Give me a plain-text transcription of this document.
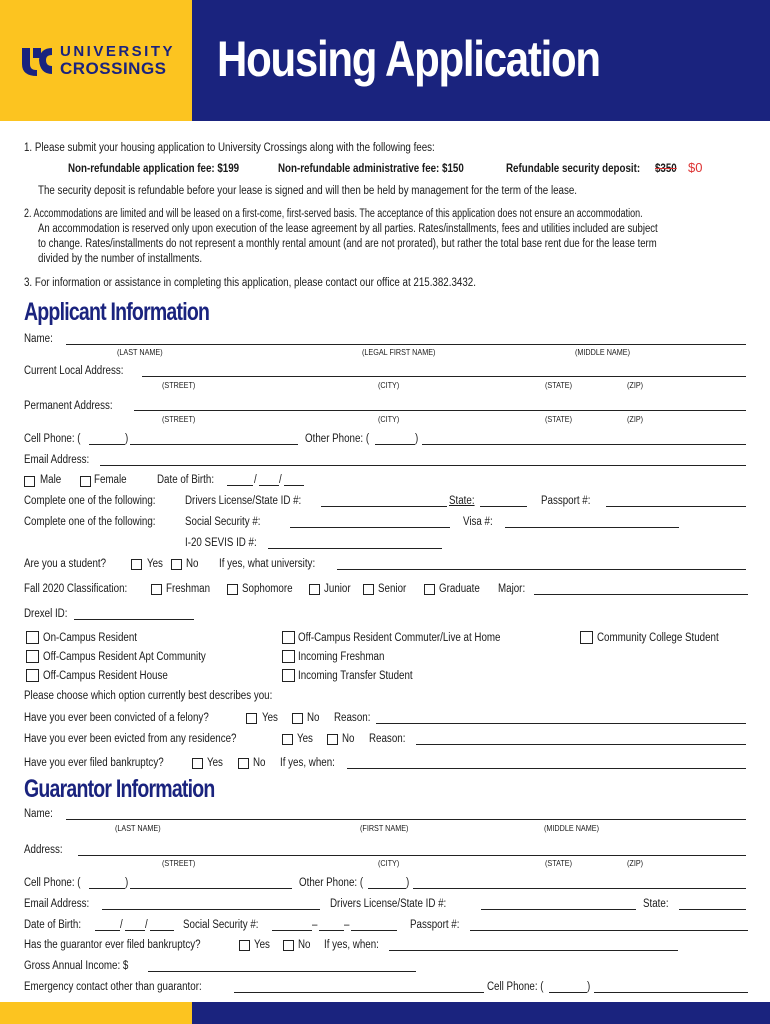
UNIVERSITY
CROSSINGS Housing Application
1. Please submit your housing application to University Crossings along with the following fees:
Non-refundable application fee: $199	Non-refundable administrative fee: $150	Refundable security deposit: $350 $0
The security deposit is refundable before your lease is signed and will then be held by management for the term of the lease.
2. Accommodations are limited and will be leased on a first-come, first-served basis. The acceptance of this application does not ensure an accommodation.
An accommodation is reserved only upon execution of the lease agreement by all parties. Rates/installments, fees and utilities included are subject
to change. Rates/installments do not represent a monthly rental amount (and are not prorated), but rather the total base rent due for the lease term
divided by the number of installments.
3. For information or assistance in completing this application, please contact our office at 215.382.3432.
Applicant Information
Name:
(LAST NAME)	(LEGAL FIRST NAME)	(MIDDLE NAME)
Current Local Address:
(STREET)	(CITY)	(STATE)	(ZIP)
Permanent Address:
(STREET)	(CITY)	(STATE)	(ZIP)
Cell Phone: (	)	Other Phone: (	)
Email Address:
Male	Female	Date of Birth:	/ /
Complete one of the following:	Drivers License/State ID #:	State:	Passport #:
Complete one of the following:	Social Security #:	Visa #:
I-20 SEVIS ID #:
Are you a student?	Yes No If yes, what university:
Fall 2020 Classification:	Freshman	Sophomore	Junior Senior	Graduate Major:
Drexel ID:
On-Campus Resident	Off-Campus Resident Commuter/Live at Home	Community College Student
Off-Campus Resident Apt Community	Incoming Freshman
Off-Campus Resident House	Incoming Transfer Student
Please choose which option currently best describes you:
Have you ever been convicted of a felony?	Yes	No Reason:
Have you ever been evicted from any residence?	Yes	No Reason:
Have you ever filed bankruptcy?	Yes	No If yes, when:
Guarantor Information
Name:
(LAST NAME)	(FIRST NAME)	(MIDDLE NAME)
Address:
(STREET)	(CITY)	(STATE)	(ZIP)
Cell Phone: (	)	Other Phone: (	)
Email Address:	Drivers License/State ID #:	State:
Date of Birth:	/ /	Social Security #:	– –	Passport #:
Has the guarantor ever filed bankruptcy?	Yes No If yes, when:
Gross Annual Income: $
Emergency contact other than guarantor:	Cell Phone: (	)
